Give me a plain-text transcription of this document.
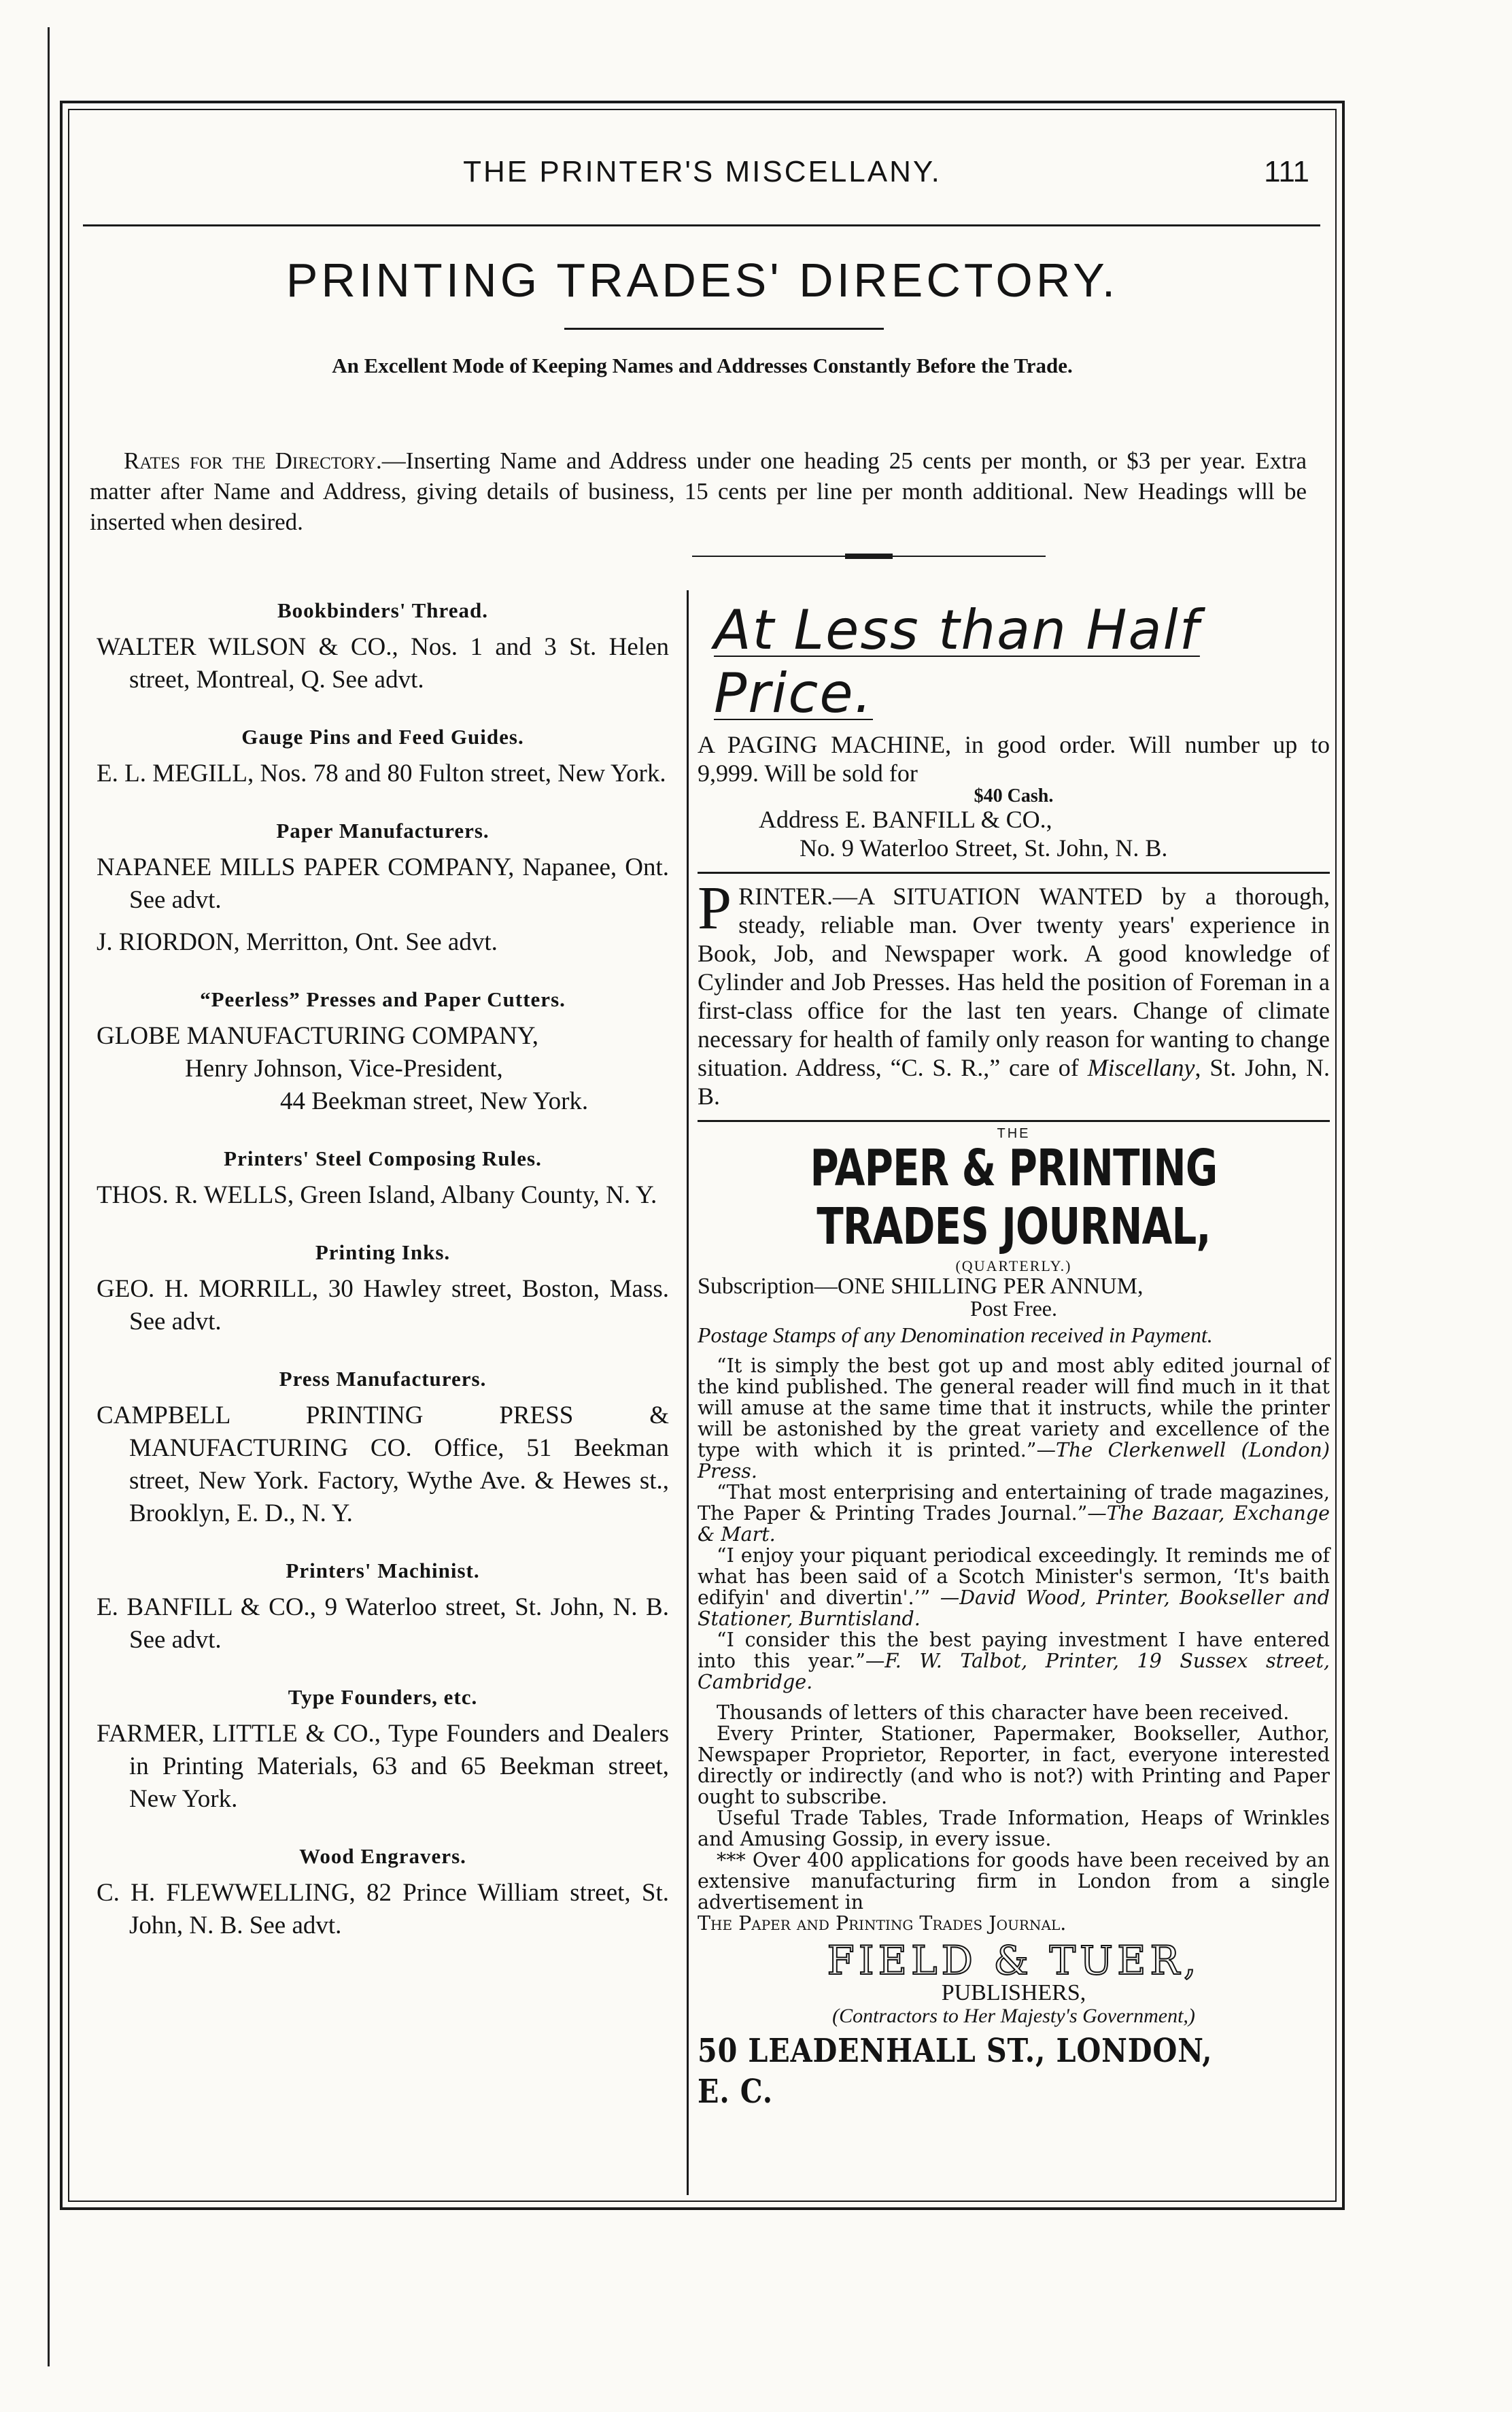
THE PRINTER'S MISCELLANY.	111
PRINTING TRADES' DIRECTORY.
An Excellent Mode of Keeping Names and Addresses Constantly Before the Trade.
Rates for the Directory.—Inserting Name and Address under one heading 25 cents per month, or $3 per year. Extra matter after Name and Address, giving details of business, 15 cents per line per month additional. New Headings wlll be inserted when desired.
Bookbinders' Thread.
WALTER WILSON & CO., Nos. 1 and 3 St. Helen street, Montreal, Q. See advt.
Gauge Pins and Feed Guides.
E. L. MEGILL, Nos. 78 and 80 Fulton street, New York.
Paper Manufacturers.
NAPANEE MILLS PAPER COMPANY, Napanee, Ont. See advt.
J. RIORDON, Merritton, Ont. See advt.
“Peerless” Presses and Paper Cutters.
GLOBE MANUFACTURING COMPANY,
Henry Johnson, Vice-President,
44 Beekman street, New York.
Printers' Steel Composing Rules.
THOS. R. WELLS, Green Island, Albany County, N. Y.
Printing Inks.
GEO. H. MORRILL, 30 Hawley street, Boston, Mass. See advt.
Press Manufacturers.
CAMPBELL PRINTING PRESS & MANUFACTURING CO. Office, 51 Beekman street, New York. Factory, Wythe Ave. & Hewes st., Brooklyn, E. D., N. Y.
Printers' Machinist.
E. BANFILL & CO., 9 Waterloo street, St. John, N. B. See advt.
Type Founders, etc.
FARMER, LITTLE & CO., Type Founders and Dealers in Printing Materials, 63 and 65 Beekman street, New York.
Wood Engravers.
C. H. FLEWWELLING, 82 Prince William street, St. John, N. B. See advt.
At Less than Half Price.

A PAGING MACHINE, in good order. Will number up to 9,999. Will be sold for

$40 Cash.

Address E. BANFILL & CO.,

No. 9 Waterloo Street, St. John, N. B.

P RINTER.—A SITUATION WANTED by a thorough, steady, reliable man. Over twenty years' experience in Book, Job, and Newspaper work. A good knowledge of Cylinder and Job Presses. Has held the position of Foreman in a first-class office for the last ten years. Change of climate necessary for health of family only reason for wanting to change situation. Address, “C. S. R.,” care of Miscellany, St. John, N. B.

THE
PAPER & PRINTING TRADES JOURNAL,
(QUARTERLY.)
Subscription—ONE SHILLING PER ANNUM,
Post Free.
Postage Stamps of any Denomination received in Payment.

“It is simply the best got up and most ably edited journal of the kind published. The general reader will find much in it that will amuse at the same time that it instructs, while the printer will be astonished by the great variety and excellence of the type with which it is printed.”—The Clerkenwell (London) Press.

“That most enterprising and entertaining of trade magazines, The Paper & Printing Trades Journal.”—The Bazaar, Exchange & Mart.

“I enjoy your piquant periodical exceedingly. It reminds me of what has been said of a Scotch Minister's sermon, ‘It's baith edifyin' and divertin'.’” —David Wood, Printer, Bookseller and Stationer, Burntisland.

“I consider this the best paying investment I have entered into this year.”—F. W. Talbot, Printer, 19 Sussex street, Cambridge.

Thousands of letters of this character have been received.

Every Printer, Stationer, Papermaker, Bookseller, Author, Newspaper Proprietor, Reporter, in fact, everyone interested directly or indirectly (and who is not?) with Printing and Paper ought to subscribe.

Useful Trade Tables, Trade Information, Heaps of Wrinkles and Amusing Gossip, in every issue.

*** Over 400 applications for goods have been received by an extensive manufacturing firm in London from a single advertisement in

The Paper and Printing Trades Journal.

FIELD & TUER,
PUBLISHERS,
(Contractors to Her Majesty's Government,)
50 LEADENHALL ST., LONDON, E. C.
